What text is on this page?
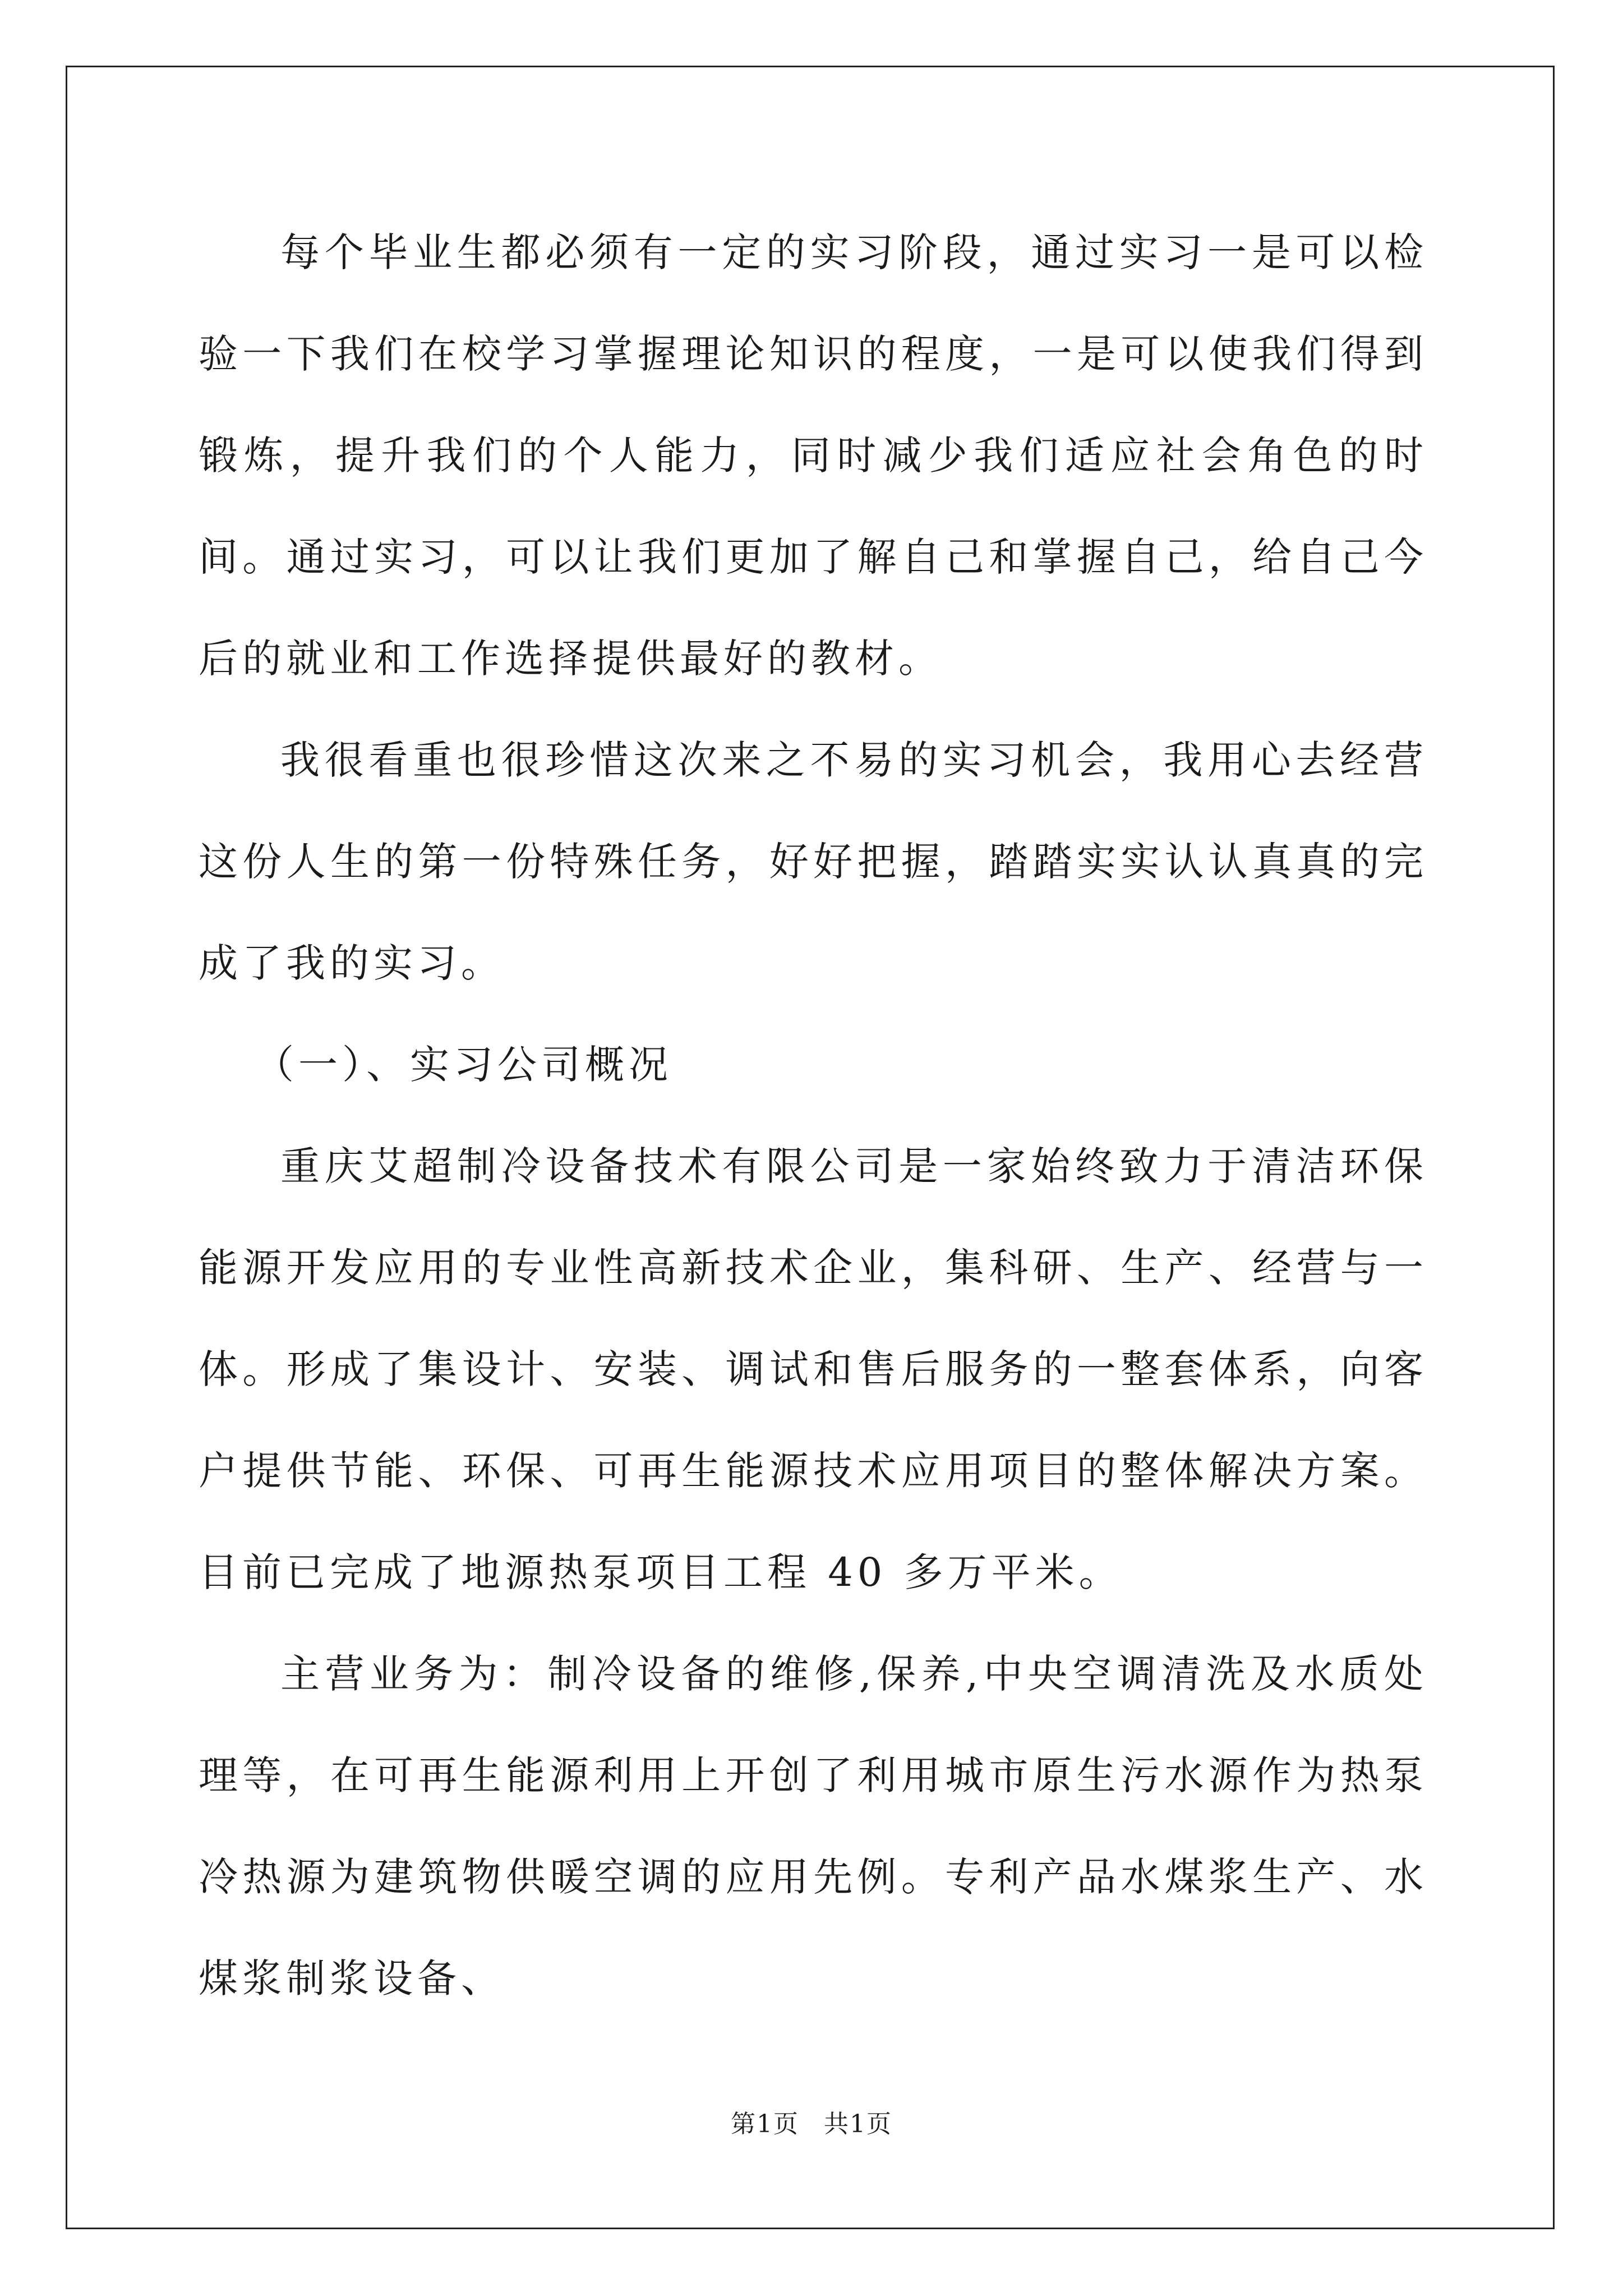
每个毕业生都必须有一定的实习阶段，通过实习一是可以检验一下我们在校学习掌握理论知识的程度，一是可以使我们得到锻炼，提升我们的个人能力，同时减少我们适应社会角色的时间。通过实习，可以让我们更加了解自己和掌握自己，给自己今后的就业和工作选择提供最好的教材。

我很看重也很珍惜这次来之不易的实习机会，我用心去经营这份人生的第一份特殊任务，好好把握，踏踏实实认认真真的完成了我的实习。

（一）、实习公司概况

重庆艾超制冷设备技术有限公司是一家始终致力于清洁环保能源开发应用的专业性高新技术企业，集科研、生产、经营与一体。形成了集设计、安装、调试和售后服务的一整套体系，向客户提供节能、环保、可再生能源技术应用项目的整体解决方案。目前已完成了地源热泵项目工程 40 多万平米。

主营业务为：制冷设备的维修,保养,中央空调清洗及水质处理等，在可再生能源利用上开创了利用城市原生污水源作为热泵冷热源为建筑物供暖空调的应用先例。专利产品水煤浆生产、水煤浆制浆设备、

第1页 共1页
